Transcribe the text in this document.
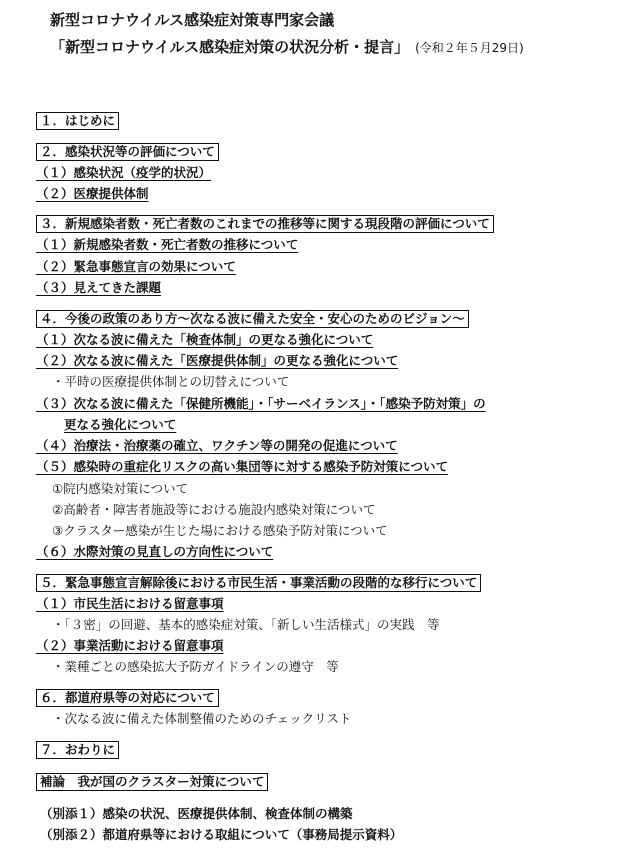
新型コロナウイルス感染症対策専門家会議
「新型コロナウイルス感染症対策の状況分析・提言」 (令和２年５月29日)
１．はじめに
２．感染状況等の評価について
（１）感染状況（疫学的状況）
（２）医療提供体制
３．新規感染者数・死亡者数のこれまでの推移等に関する現段階の評価について
（１）新規感染者数・死亡者数の推移について
（２）緊急事態宣言の効果について
（３）見えてきた課題
４．今後の政策のあり方～次なる波に備えた安全・安心のためのビジョン～
（１）次なる波に備えた「検査体制」の更なる強化について
（２）次なる波に備えた「医療提供体制」の更なる強化について
・平時の医療提供体制との切替えについて
（３）次なる波に備えた「保健所機能」・「サーベイランス」・「感染予防対策」の
更なる強化について
（４）治療法・治療薬の確立、ワクチン等の開発の促進について
（５）感染時の重症化リスクの高い集団等に対する感染予防対策について
①院内感染対策について
②高齢者・障害者施設等における施設内感染対策について
③クラスター感染が生じた場における感染予防対策について
（６）水際対策の見直しの方向性について
５．緊急事態宣言解除後における市民生活・事業活動の段階的な移行について
（１）市民生活における留意事項
・「３密」の回避、基本的感染症対策、「新しい生活様式」の実践　等
（２）事業活動における留意事項
・業種ごとの感染拡大予防ガイドラインの遵守　等
６．都道府県等の対応について
・次なる波に備えた体制整備のためのチェックリスト
７．おわりに
補論　我が国のクラスター対策について
（別添１）感染の状況、医療提供体制、検査体制の構築
（別添２）都道府県等における取組について（事務局提示資料）
